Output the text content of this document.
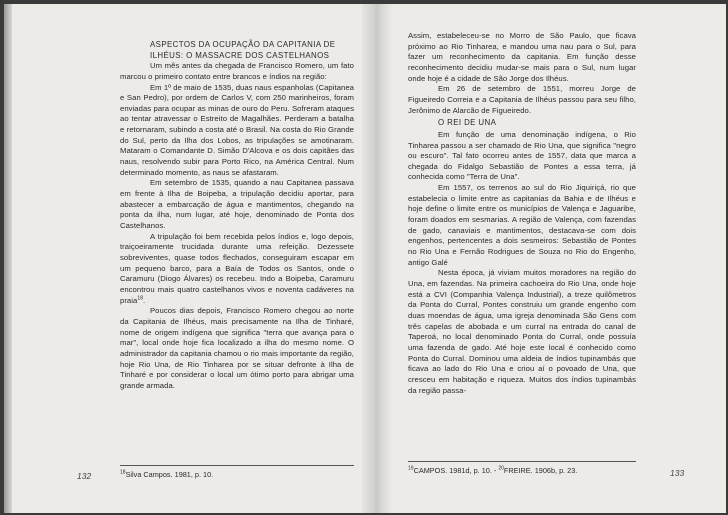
ASPECTOS DA OCUPAÇÃO DA CAPITANIA DE
ILHÉUS: O MASSACRE DOS CASTELHANOS

Um mês antes da chegada de Francisco Romero, um fato marcou o primeiro contato entre brancos e índios na região:

Em 1º de maio de 1535, duas naus espanholas (Capitanea e San Pedro), por ordem de Carlos V, com 250 marinheiros, foram enviadas para ocupar as minas de ouro do Peru. Sofreram ataques ao tentar atravessar o Estreito de Magalhães. Perderam a batalha e retornaram, subindo a costa até o Brasil. Na costa do Rio Grande do Sul, perto da Ilha dos Lobos, as tripulações se amotinaram. Mataram o Comandante D. Simão D'Alcova e os dois capitães das naus, resolvendo subir para Porto Rico, na América Central. Num determinado momento, as naus se afastaram.

Em setembro de 1535, quando a nau Capitanea passava em frente à Ilha de Boipeba, a tripulação decidiu aportar, para abastecer a embarcação de água e mantimentos, chegando na ponta da ilha, num lugar, até hoje, denominado de Ponta dos Castelhanos.

A tripulação foi bem recebida pelos índios e, logo depois, traiçoeiramente trucidada durante uma refeição. Dezessete sobreviventes, quase todos flechados, conseguiram escapar em um pequeno barco, para a Baía de Todos os Santos, onde o Caramuru (Diogo Álvares) os recebeu. Indo a Boipeba, Caramuru encontrou mais quatro castelhanos vivos e noventa cadáveres na praia$^{18}$.

Poucos dias depois, Francisco Romero chegou ao norte da Capitania de Ilhéus, mais precisamente na Ilha de Tinharé, nome de origem indígena que significa "terra que avança para o mar", local onde hoje fica localizado a ilha do mesmo nome. O administrador da capitania chamou o rio mais importante da região, hoje Rio Una, de Rio Tinharea por se situar defronte à Ilha de Tinharé e por considerar o local um ótimo porto para abrigar uma grande armada.

$^{18}$Silva Campos. 1981, p. 10.
132

Assim, estabeleceu-se no Morro de São Paulo, que ficava próximo ao Rio Tinharea, e mandou uma nau para o Sul, para fazer um reconhecimento da capitania. Em função desse reconhecimento decidiu mudar-se mais para o Sul, num lugar onde hoje é a cidade de São Jorge dos Ilhéus.

Em 26 de setembro de 1551, morreu Jorge de Figueiredo Correia e a Capitania de Ilhéus passou para seu filho, Jerônimo de Alarcão de Figueiredo.

O REI DE UNA

Em função de uma denominação indígena, o Rio Tinharea passou a ser chamado de Rio Una, que significa "negro ou escuro". Tal fato ocorreu antes de 1557, data que marca a chegada do Fidalgo Sebastião de Pontes a essa terra, já conhecida como "Terra de Una".

Em 1557, os terrenos ao sul do Rio Jiquiriçá, rio que estabeleciа o limite entre as capitanias da Bahia e de Ilhéus e hoje define o limite entre os municípios de Valença e Jaguaribe, foram doados em sesmarias. A região de Valença, com fazendas de gado, canaviais e mantimentos, destacava-se com dois engenhos, pertencentes a dois sesmeiros: Sebastião de Pontes no Rio Una e Fernão Rodrigues de Souza no Rio do Engenho, antigo Galé

Nesta época, já viviam muitos moradores na região do Una, em fazendas. Na primeira cachoeira do Rio Una, onde hoje está a CVI (Companhia Valença Industrial), a treze quilômetros da Ponta do Curral, Pontes construiu um grande engenho com duas moendas de água, uma igreja denominada São Gens com três capelas de abobada e um curral na entrada do canal de Taperoá, no local denominado Ponta do Curral, onde possuía uma fazenda de gado. Até hoje este local é conhecido como Ponta do Curral. Dominou uma aldeia de índios tupinambás que ficava ao lado do Rio Una e criou aí o povoado de Una, que cresceu em habitação e riqueza. Muitos dos índios tupinambás da região passa-

$^{19}$CAMPOS. 1981d, p. 10. - $^{20}$FREIRE. 1906b, p. 23.	133
